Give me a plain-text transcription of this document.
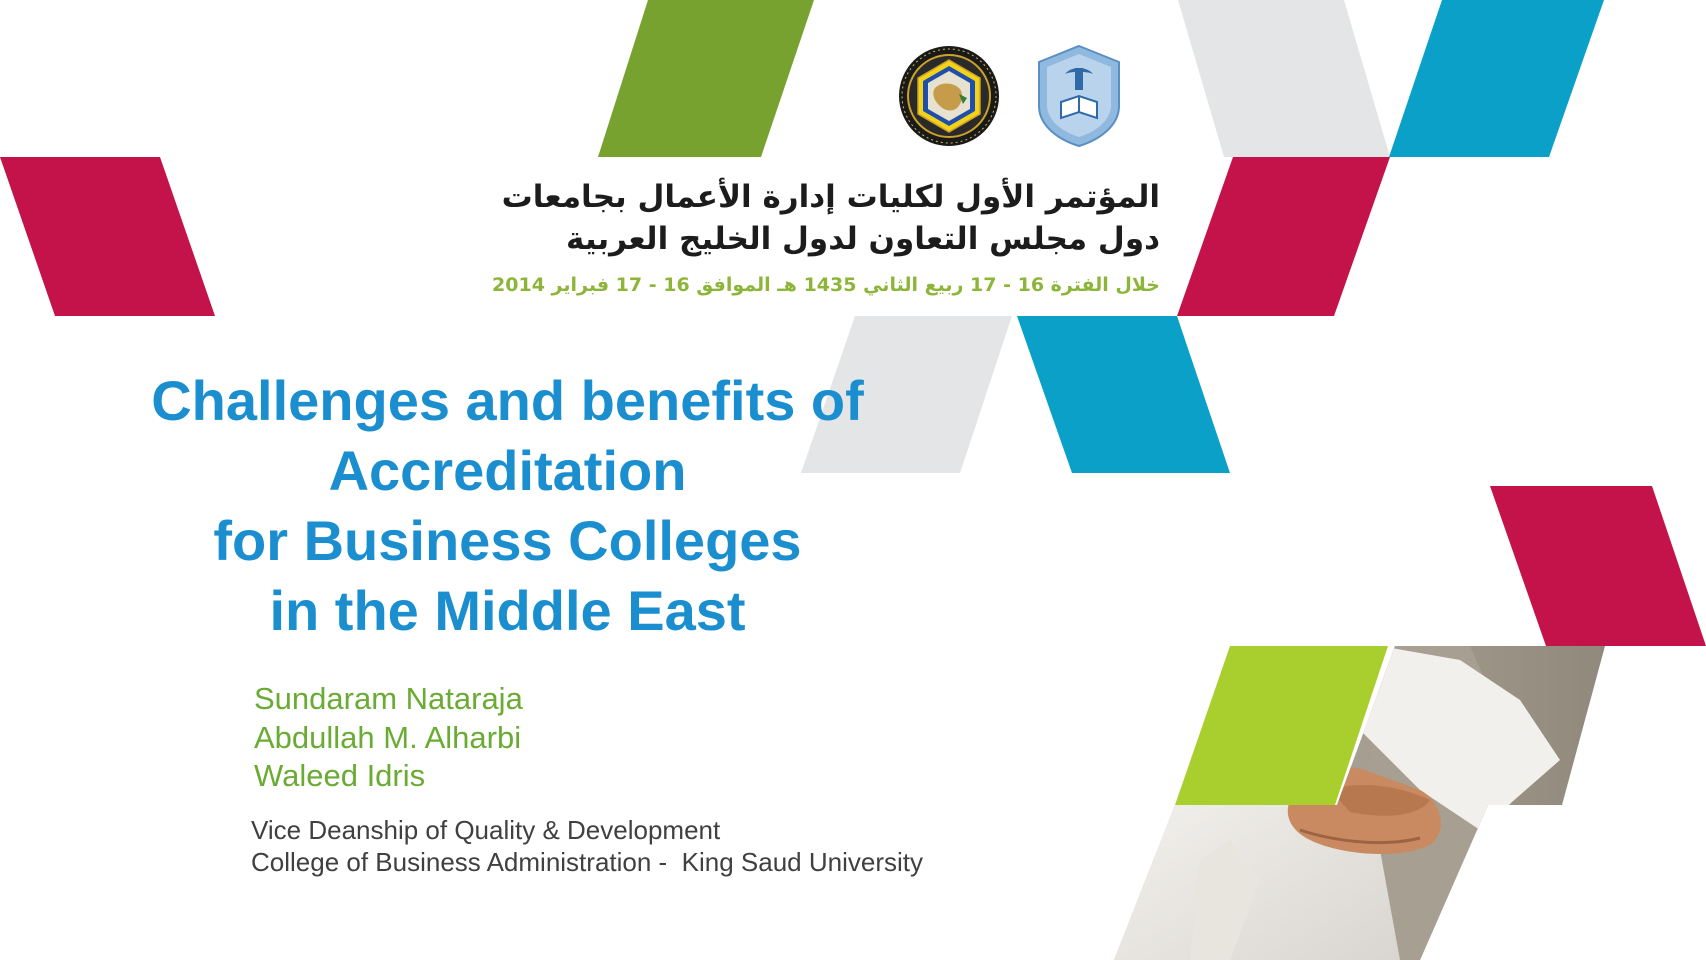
المؤتمر الأول لكليات إدارة الأعمال بجامعات
دول مجلس التعاون لدول الخليج العربية
خلال الفترة 16 - 17 ربيع الثاني 1435 هـ الموافق 16 - 17 فبراير 2014
Challenges and benefits of
Accreditation
for Business Colleges
in the Middle East
Sundaram Nataraja
Abdullah M. Alharbi
Waleed Idris
Vice Deanship of Quality & Development
College of Business Administration -  King Saud University
